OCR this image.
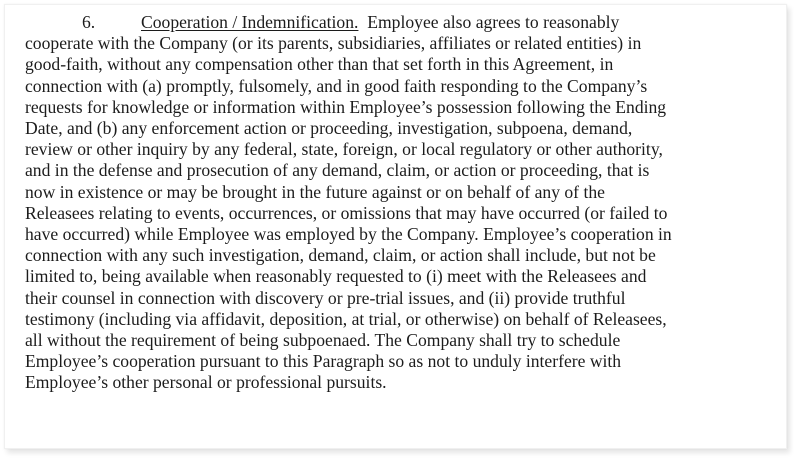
6.	Cooperation / Indemnification.  Employee also agrees to reasonably
cooperate with the Company (or its parents, subsidiaries, affiliates or related entities) in
good-faith, without any compensation other than that set forth in this Agreement, in
connection with (a) promptly, fulsomely, and in good faith responding to the Company’s
requests for knowledge or information within Employee’s possession following the Ending
Date, and (b) any enforcement action or proceeding, investigation, subpoena, demand,
review or other inquiry by any federal, state, foreign, or local regulatory or other authority,
and in the defense and prosecution of any demand, claim, or action or proceeding, that is
now in existence or may be brought in the future against or on behalf of any of the
Releasees relating to events, occurrences, or omissions that may have occurred (or failed to
have occurred) while Employee was employed by the Company. Employee’s cooperation in
connection with any such investigation, demand, claim, or action shall include, but not be
limited to, being available when reasonably requested to (i) meet with the Releasees and
their counsel in connection with discovery or pre-trial issues, and (ii) provide truthful
testimony (including via affidavit, deposition, at trial, or otherwise) on behalf of Releasees,
all without the requirement of being subpoenaed. The Company shall try to schedule
Employee’s cooperation pursuant to this Paragraph so as not to unduly interfere with
Employee’s other personal or professional pursuits.
